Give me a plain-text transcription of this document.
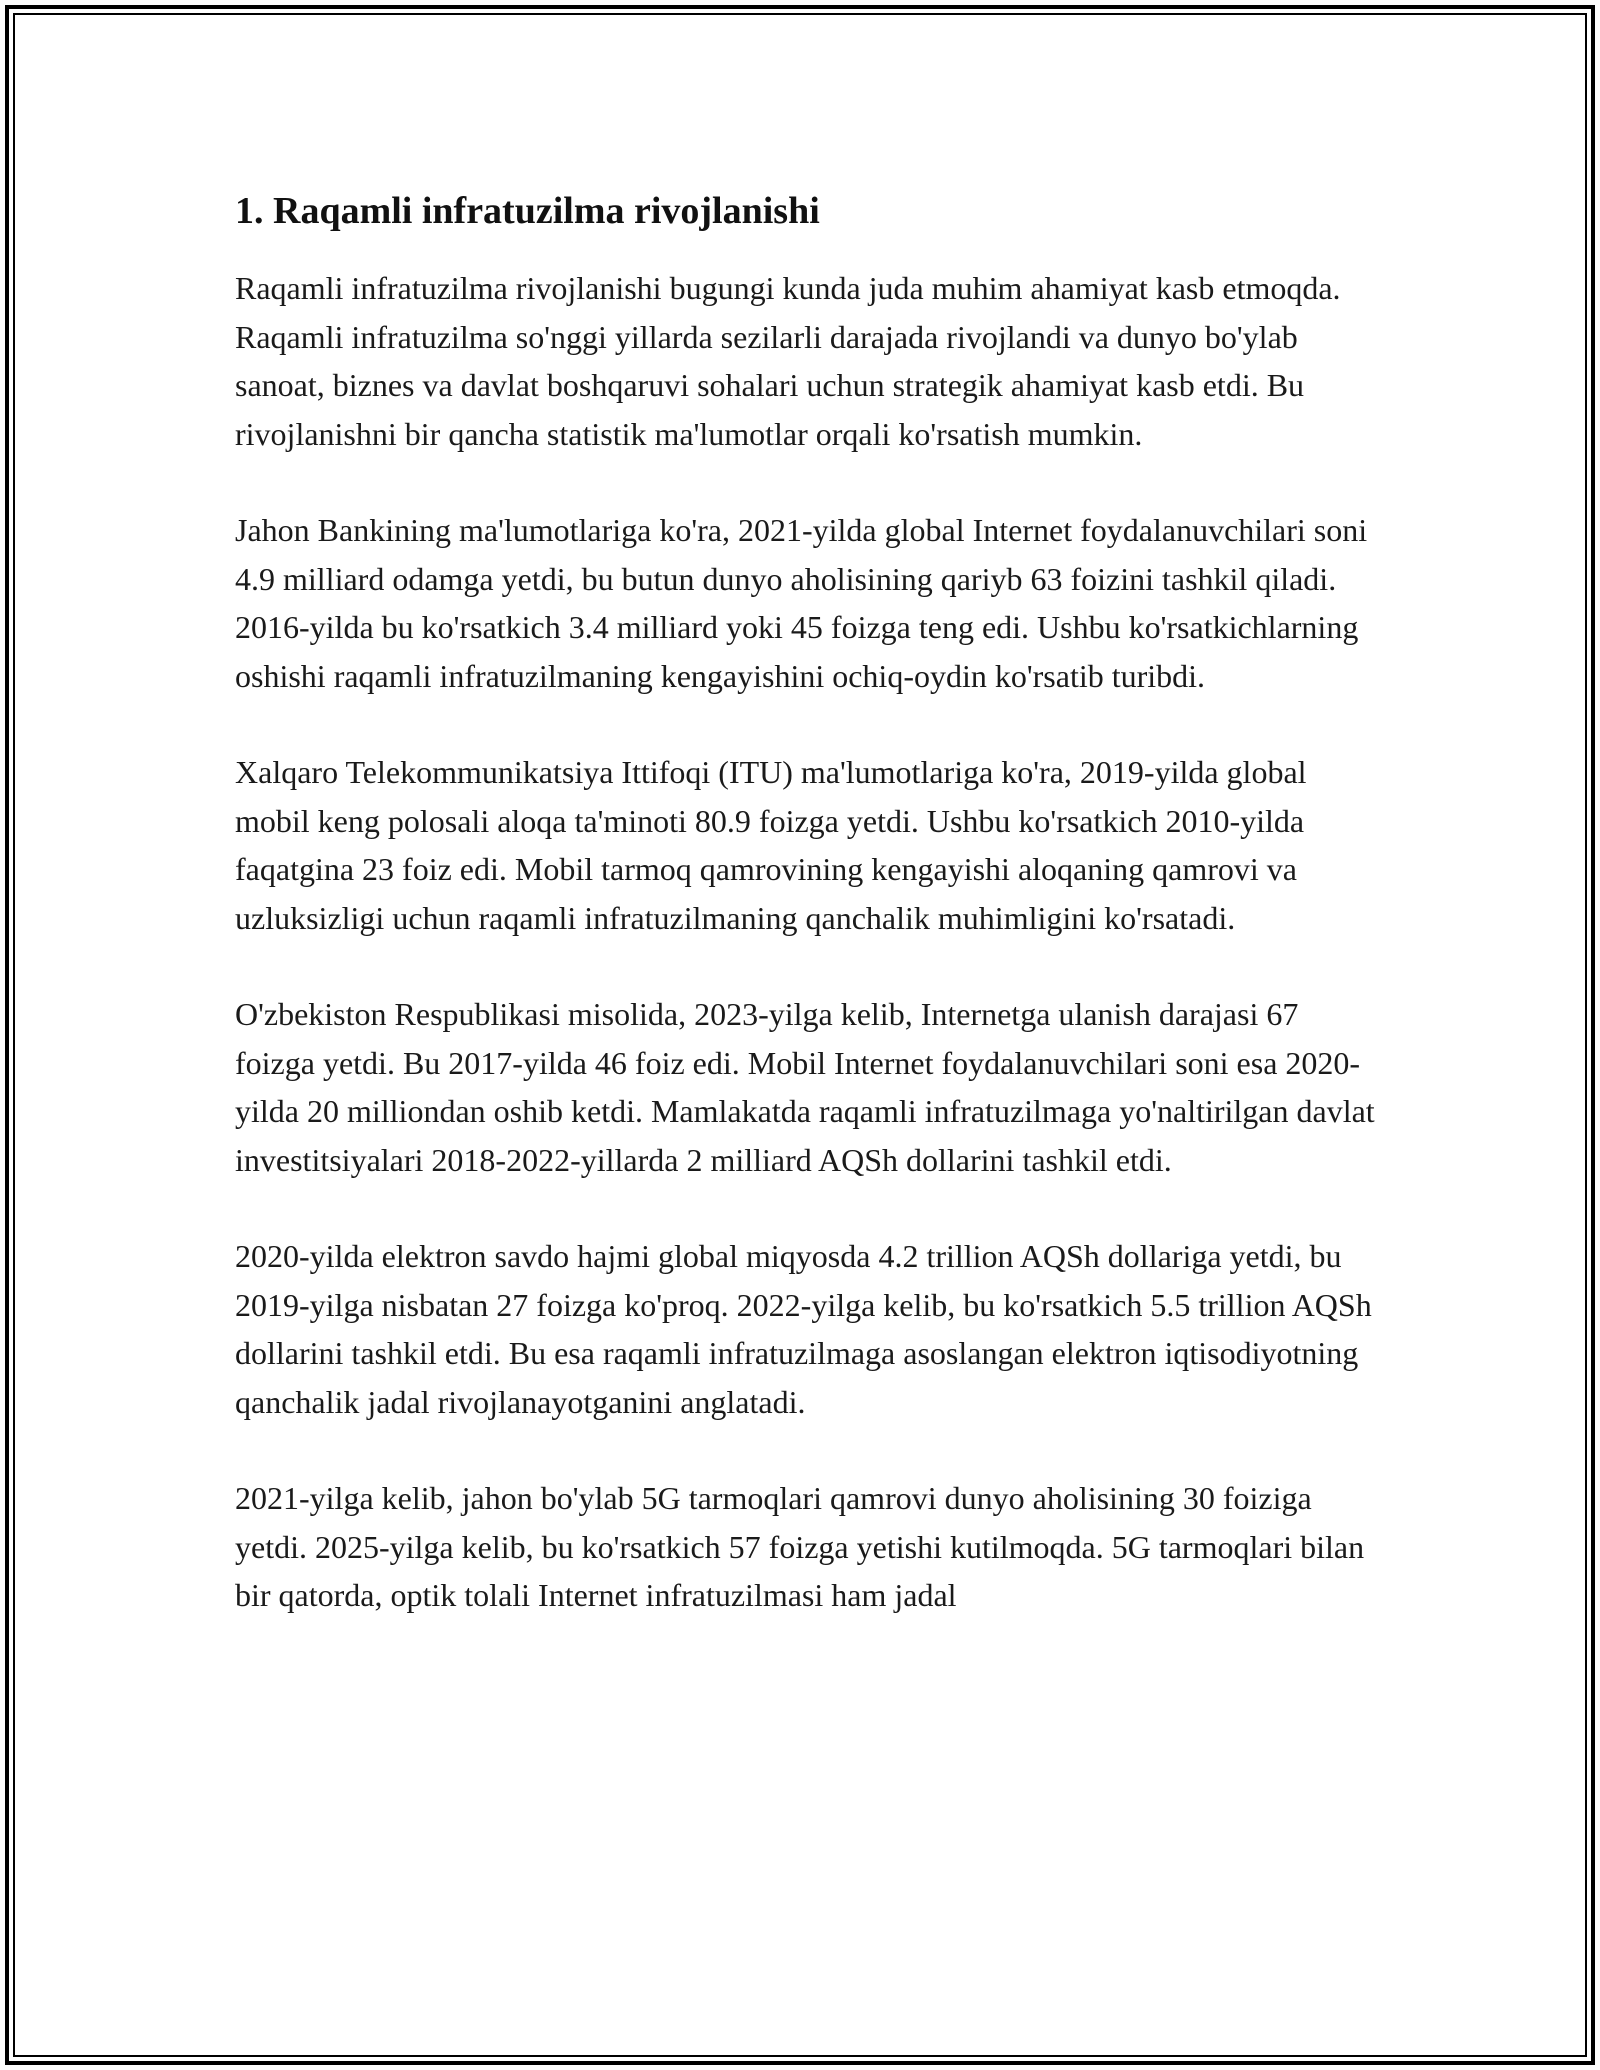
1. Raqamli infratuzilma rivojlanishi

Raqamli infratuzilma rivojlanishi bugungi kunda juda muhim ahamiyat kasb etmoqda. Raqamli infratuzilma so'nggi yillarda sezilarli darajada rivojlandi va dunyo bo'ylab sanoat, biznes va davlat boshqaruvi sohalari uchun strategik ahamiyat kasb etdi. Bu rivojlanishni bir qancha statistik ma'lumotlar orqali ko'rsatish mumkin.

Jahon Bankining ma'lumotlariga ko'ra, 2021-yilda global Internet foydalanuvchilari soni 4.9 milliard odamga yetdi, bu butun dunyo aholisining qariyb 63 foizini tashkil qiladi. 2016-yilda bu ko'rsatkich 3.4 milliard yoki 45 foizga teng edi. Ushbu ko'rsatkichlarning oshishi raqamli infratuzilmaning kengayishini ochiq-oydin ko'rsatib turibdi.

Xalqaro Telekommunikatsiya Ittifoqi (ITU) ma'lumotlariga ko'ra, 2019-yilda global mobil keng polosali aloqa ta'minoti 80.9 foizga yetdi. Ushbu ko'rsatkich 2010-yilda faqatgina 23 foiz edi. Mobil tarmoq qamrovining kengayishi aloqaning qamrovi va uzluksizligi uchun raqamli infratuzilmaning qanchalik muhimligini ko'rsatadi.

O'zbekiston Respublikasi misolida, 2023-yilga kelib, Internetga ulanish darajasi 67 foizga yetdi. Bu 2017-yilda 46 foiz edi. Mobil Internet foydalanuvchilari soni esa 2020-yilda 20 milliondan oshib ketdi. Mamlakatda raqamli infratuzilmaga yo'naltirilgan davlat investitsiyalari 2018-2022-yillarda 2 milliard AQSh dollarini tashkil etdi.

2020-yilda elektron savdo hajmi global miqyosda 4.2 trillion AQSh dollariga yetdi, bu 2019-yilga nisbatan 27 foizga ko'proq. 2022-yilga kelib, bu ko'rsatkich 5.5 trillion AQSh dollarini tashkil etdi. Bu esa raqamli infratuzilmaga asoslangan elektron iqtisodiyotning qanchalik jadal rivojlanayotganini anglatadi.

2021-yilga kelib, jahon bo'ylab 5G tarmoqlari qamrovi dunyo aholisining 30 foiziga yetdi. 2025-yilga kelib, bu ko'rsatkich 57 foizga yetishi kutilmoqda. 5G tarmoqlari bilan bir qatorda, optik tolali Internet infratuzilmasi ham jadal
